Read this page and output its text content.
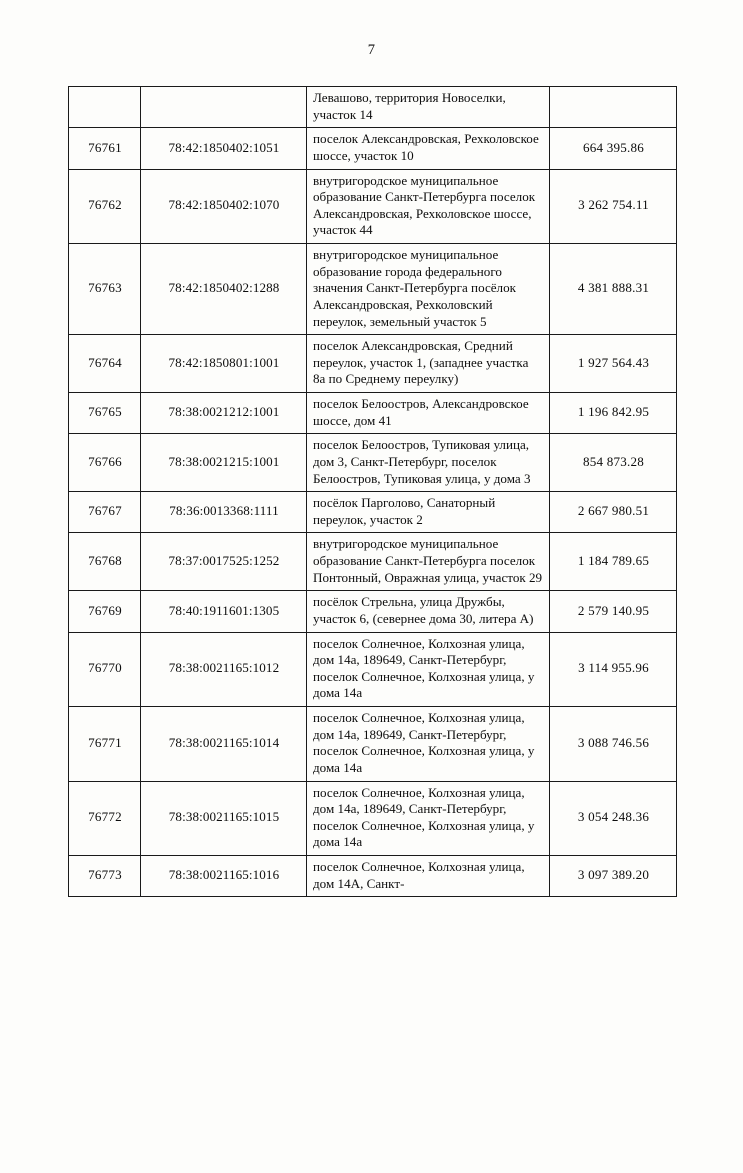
7
		Левашово, территория Новоселки, участок 14	
76761	78:42:1850402:1051	поселок Александровская, Рехколовское шоссе, участок 10	664 395.86
76762	78:42:1850402:1070	внутригородское муниципальное образование Санкт-Петербурга поселок Александровская, Рехколовское шоссе, участок 44	3 262 754.11
76763	78:42:1850402:1288	внутригородское муниципальное образование города федерального значения Санкт-Петербурга посёлок Александровская, Рехколовский переулок, земельный участок 5	4 381 888.31
76764	78:42:1850801:1001	поселок Александровская, Средний переулок, участок 1, (западнее участка 8а по Среднему переулку)	1 927 564.43
76765	78:38:0021212:1001	поселок Белоостров, Александровское шоссе, дом 41	1 196 842.95
76766	78:38:0021215:1001	поселок Белоостров, Тупиковая улица, дом 3, Санкт-Петербург, поселок Белоостров, Тупиковая улица, у дома 3	854 873.28
76767	78:36:0013368:1111	посёлок Парголово, Санаторный переулок, участок 2	2 667 980.51
76768	78:37:0017525:1252	внутригородское муниципальное образование Санкт-Петербурга поселок Понтонный, Овражная улица, участок 29	1 184 789.65
76769	78:40:1911601:1305	посёлок Стрельна, улица Дружбы, участок 6, (севернее дома 30, литера А)	2 579 140.95
76770	78:38:0021165:1012	поселок Солнечное, Колхозная улица, дом 14а, 189649, Санкт-Петербург, поселок Солнечное, Колхозная улица, у дома 14а	3 114 955.96
76771	78:38:0021165:1014	поселок Солнечное, Колхозная улица, дом 14а, 189649, Санкт-Петербург, поселок Солнечное, Колхозная улица, у дома 14а	3 088 746.56
76772	78:38:0021165:1015	поселок Солнечное, Колхозная улица, дом 14а, 189649, Санкт-Петербург, поселок Солнечное, Колхозная улица, у дома 14а	3 054 248.36
76773	78:38:0021165:1016	поселок Солнечное, Колхозная улица, дом 14А, Санкт-	3 097 389.20
